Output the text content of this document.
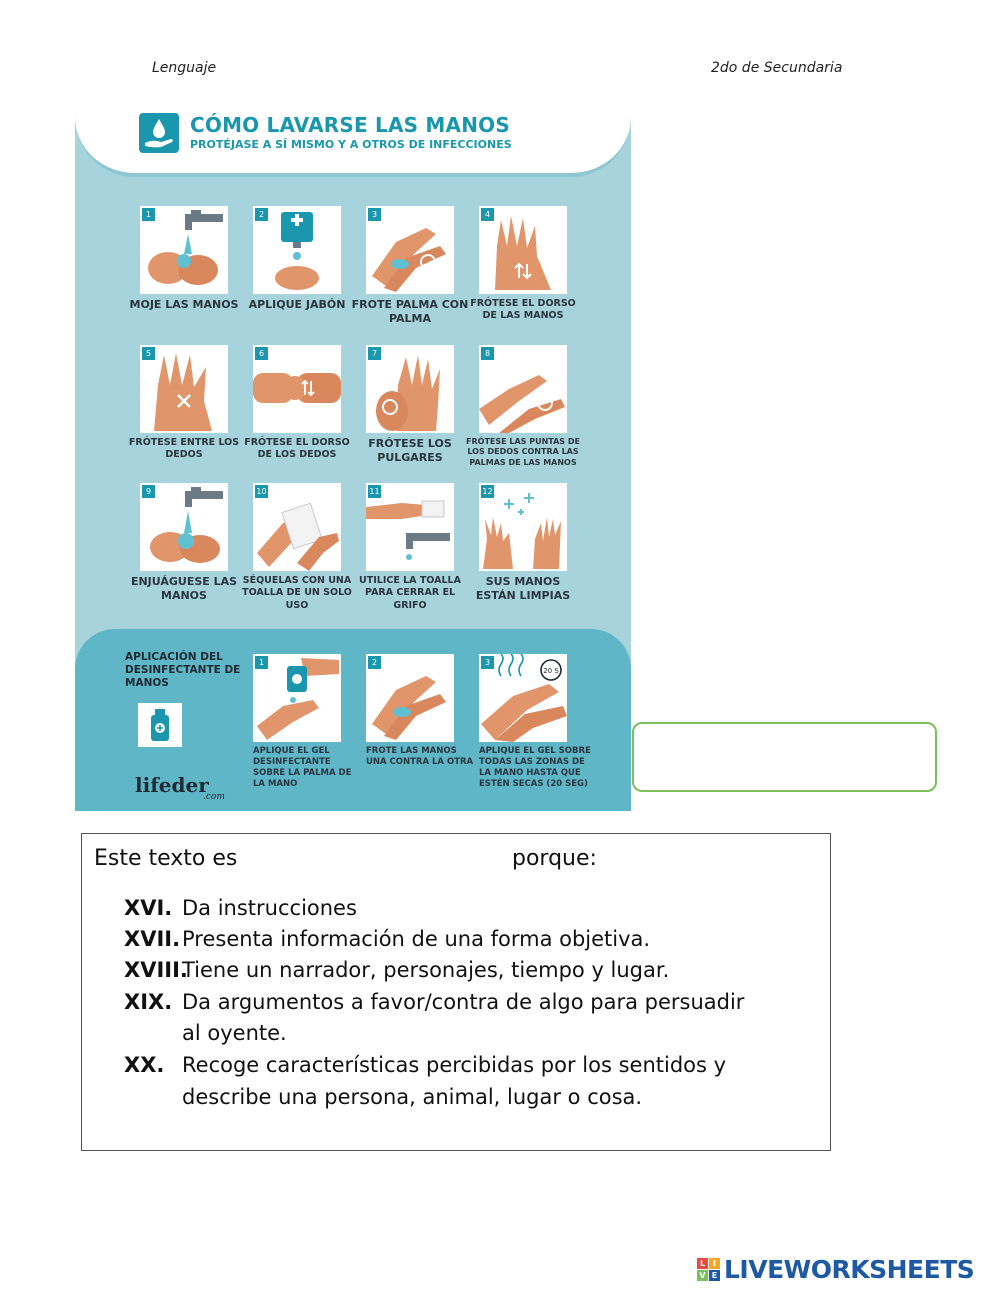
Lenguaje	2do de Secundaria
CÓMO LAVARSE LAS MANOS
PROTÉJASE A SÍ MISMO Y A OTROS DE INFECCIONES
1
MOJE LAS MANOS
2
APLIQUE JABÓN
3
FROTE PALMA CON PALMA
4
FRÓTESE EL DORSO DE LAS MANOS
5
FRÓTESE ENTRE LOS DEDOS
6
FRÓTESE EL DORSO DE LOS DEDOS
7
FRÓTESE LOS PULGARES
8
FRÓTESE LAS PUNTAS DE LOS DEDOS CONTRA LAS PALMAS DE LAS MANOS
9
ENJUÁGUESE LAS MANOS
10
SÉQUELAS CON UNA TOALLA DE UN SOLO USO
11
UTILICE LA TOALLA PARA CERRAR EL GRIFO
12
SUS MANOS ESTÁN LIMPIAS
APLICACIÓN DEL DESINFECTANTE DE MANOS
lifeder
.com
1
APLIQUE EL GEL DESINFECTANTE SOBRE LA PALMA DE LA MANO
2
FROTE LAS MANOS UNA CONTRA LA OTRA
3
20 S
APLIQUE EL GEL SOBRE TODAS LAS ZONAS DE LA MANO HASTA QUE ESTÉN SECAS (20 SEG)
Este texto es	porque:
XVI. Da instrucciones
XVII.Presenta información de una forma objetiva.
XVIII.Tiene un narrador, personajes, tiempo y lugar.
XIX. Da argumentos a favor/contra de algo para persuadir
al oyente.
XX. Recoge características percibidas por los sentidos y
describe una persona, animal, lugar o cosa.
L I
V E LIVEWORKSHEETS
